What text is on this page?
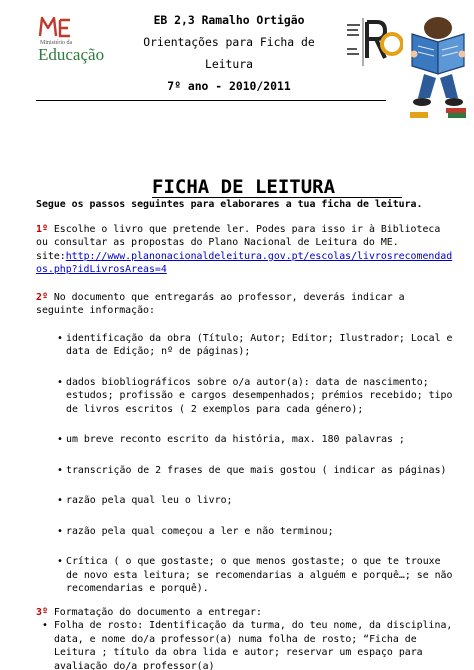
Ministério da
Educação
EB 2,3 Ramalho Ortigão
Orientações para Ficha de
Leitura
7º ano - 2010/2011
FICHA DE LEITURA

Segue os passos seguintes para elaborares a tua ficha de leitura.

1º Escolhe o livro que pretende ler. Podes para isso ir à Biblioteca ou consultar as propostas do Plano Nacional de Leitura do ME.
site:http://www.planonacionaldeleitura.gov.pt/escolas/livrosrecomendados.php?idLivrosAreas=4
2º No documento que entregarás ao professor, deverás indicar a seguinte informação:
• identificação da obra (Título; Autor; Editor; Ilustrador; Local e data de Edição; nº de páginas);
• dados biobliográficos sobre o/a autor(a): data de nascimento; estudos; profissão e cargos desempenhados; prémios recebido; tipo de livros escritos ( 2 exemplos para cada género);
• um breve reconto escrito da história, max. 180 palavras ;
• transcrição de 2 frases de que mais gostou ( indicar as páginas)
• razão pela qual leu o livro;
• razão pela qual começou a ler e não terminou;
• Crítica ( o que gostaste; o que menos gostaste; o que te trouxe de novo esta leitura; se recomendarias a alguém e porquê…; se não recomendarias e porquê).
3º Formatação do documento a entregar:
• Folha de rosto: Identificação da turma, do teu nome, da disciplina, data, e nome do/a professor(a) numa folha de rosto; “Ficha de Leitura ; título da obra lida e autor; reservar um espaço para avaliação do/a professor(a)
